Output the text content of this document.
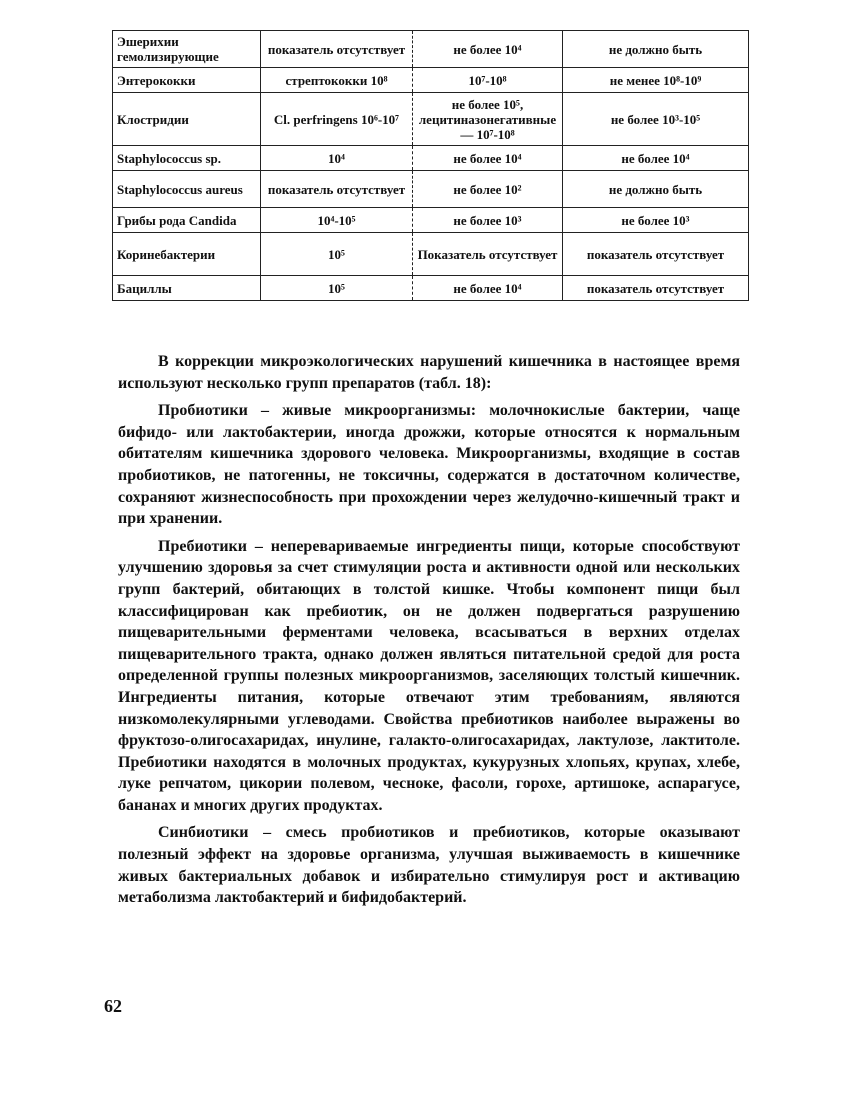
Эшерихии гемолизирующие	показатель отсутствует	не более 10⁴	не должно быть
Энтерококки	стрептококки 10⁸	10⁷-10⁸	не менее 10⁸-10⁹
Клостридии	Cl. perfringens 10⁶-10⁷	не более 10⁵, лецитиназонегативные — 10⁷-10⁸	не более 10³-10⁵
Staphylococcus sp.	10⁴	не более 10⁴	не более 10⁴
Staphylococcus aureus	показатель отсутствует	не более 10²	не должно быть
Грибы рода Candida	10⁴-10⁵	не более 10³	не более 10³
Коринебактерии	10⁵	Показатель отсутствует	показатель отсутствует
Бациллы	10⁵	не более 10⁴	показатель отсутствует

В коррекции микроэкологических нарушений кишечника в настоящее время используют несколько групп препаратов (табл. 18):

Пробиотики – живые микроорганизмы: молочнокислые бактерии, чаще бифидо- или лактобактерии, иногда дрожжи, которые относятся к нормальным обитателям кишечника здорового человека. Микроорганизмы, входящие в состав пробиотиков, не патогенны, не токсичны, содержатся в достаточном количестве, сохраняют жизнеспособность при прохождении через желудочно-кишечный тракт и при хранении.

Пребиотики – неперевариваемые ингредиенты пищи, которые способствуют улучшению здоровья за счет стимуляции роста и активности одной или нескольких групп бактерий, обитающих в толстой кишке. Чтобы компонент пищи был классифицирован как пребиотик, он не должен подвергаться разрушению пищеварительными ферментами человека, всасываться в верхних отделах пищеварительного тракта, однако должен являться питательной средой для роста определенной группы полезных микроорганизмов, заселяющих толстый кишечник. Ингредиенты питания, которые отвечают этим требованиям, являются низкомолекулярными углеводами. Свойства пребиотиков наиболее выражены во фруктозо-олигосахаридах, инулине, галакто-олигосахаридах, лактулозе, лактитоле. Пребиотики находятся в молочных продуктах, кукурузных хлопьях, крупах, хлебе, луке репчатом, цикории полевом, чесноке, фасоли, горохе, артишоке, аспарагусе, бананах и многих других продуктах.

Синбиотики – смесь пробиотиков и пребиотиков, которые оказывают полезный эффект на здоровье организма, улучшая выживаемость в кишечнике живых бактериальных добавок и избирательно стимулируя рост и активацию метаболизма лактобактерий и бифидобактерий.

62
